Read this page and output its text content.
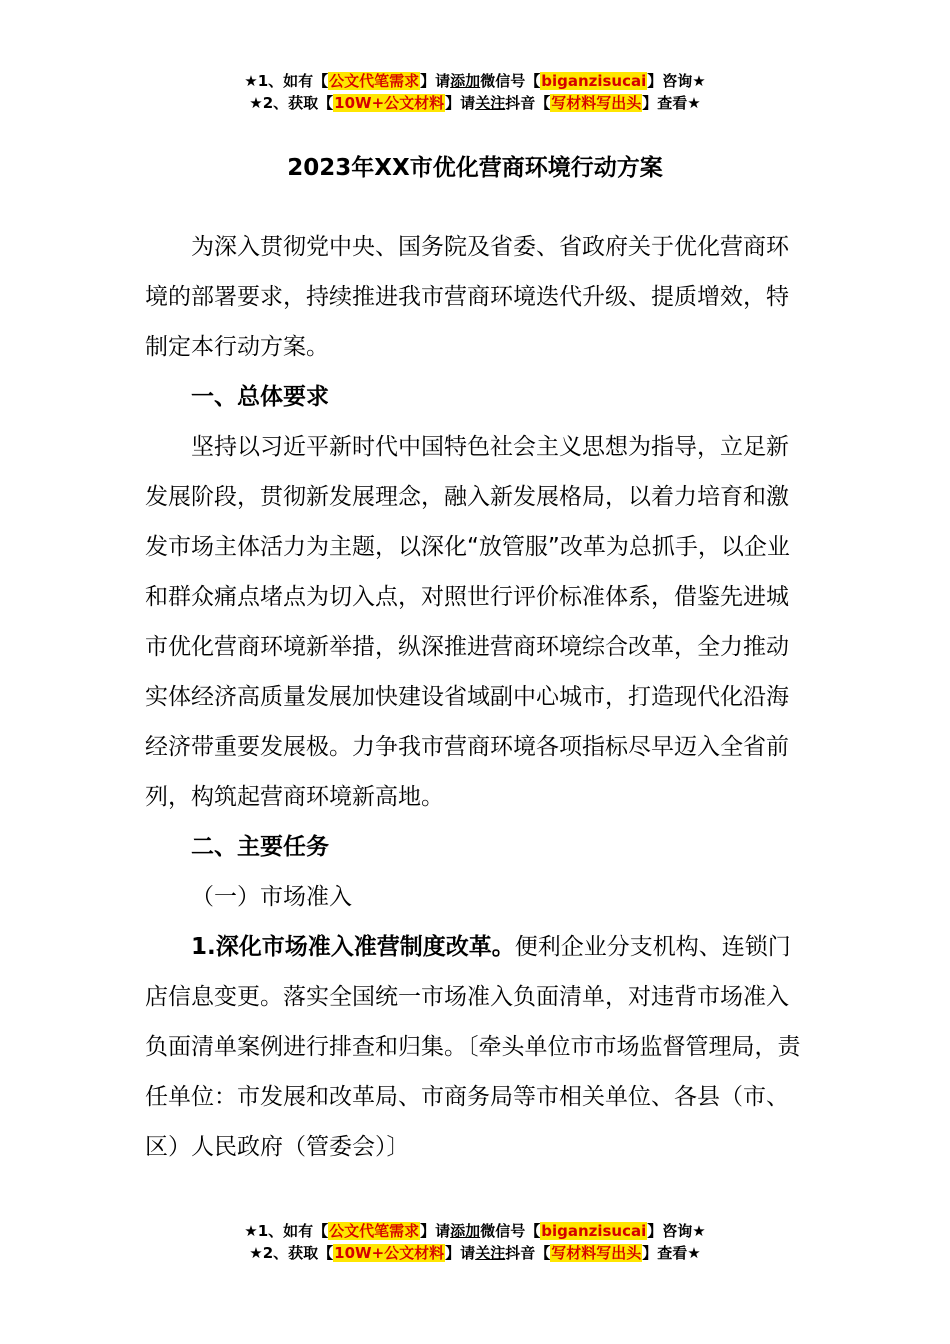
★1、如有【公文代笔需求】请添加微信号【biganzisucai】咨询★
★2、获取【10W+公文材料】请关注抖音【写材料写出头】查看★
2023年XX市优化营商环境行动方案

为深入贯彻党中央、国务院及省委、省政府关于优化营商环境的部署要求，持续推进我市营商环境迭代升级、提质增效，特制定本行动方案。

一、总体要求

坚持以习近平新时代中国特色社会主义思想为指导，立足新发展阶段，贯彻新发展理念，融入新发展格局，以着力培育和激发市场主体活力为主题，以深化“放管服”改革为总抓手，以企业和群众痛点堵点为切入点，对照世行评价标准体系，借鉴先进城市优化营商环境新举措，纵深推进营商环境综合改革，全力推动实体经济高质量发展加快建设省域副中心城市，打造现代化沿海经济带重要发展极。力争我市营商环境各项指标尽早迈入全省前列，构筑起营商环境新高地。

二、主要任务

（一）市场准入

1.深化市场准入准营制度改革。便利企业分支机构、连锁门店信息变更。落实全国统一市场准入负面清单，对违背市场准入负面清单案例进行排查和归集。〔牵头单位市市场监督管理局，责任单位：市发展和改革局、市商务局等市相关单位、各县（市、区）人民政府（管委会）〕

★1、如有【公文代笔需求】请添加微信号【biganzisucai】咨询★
★2、获取【10W+公文材料】请关注抖音【写材料写出头】查看★
